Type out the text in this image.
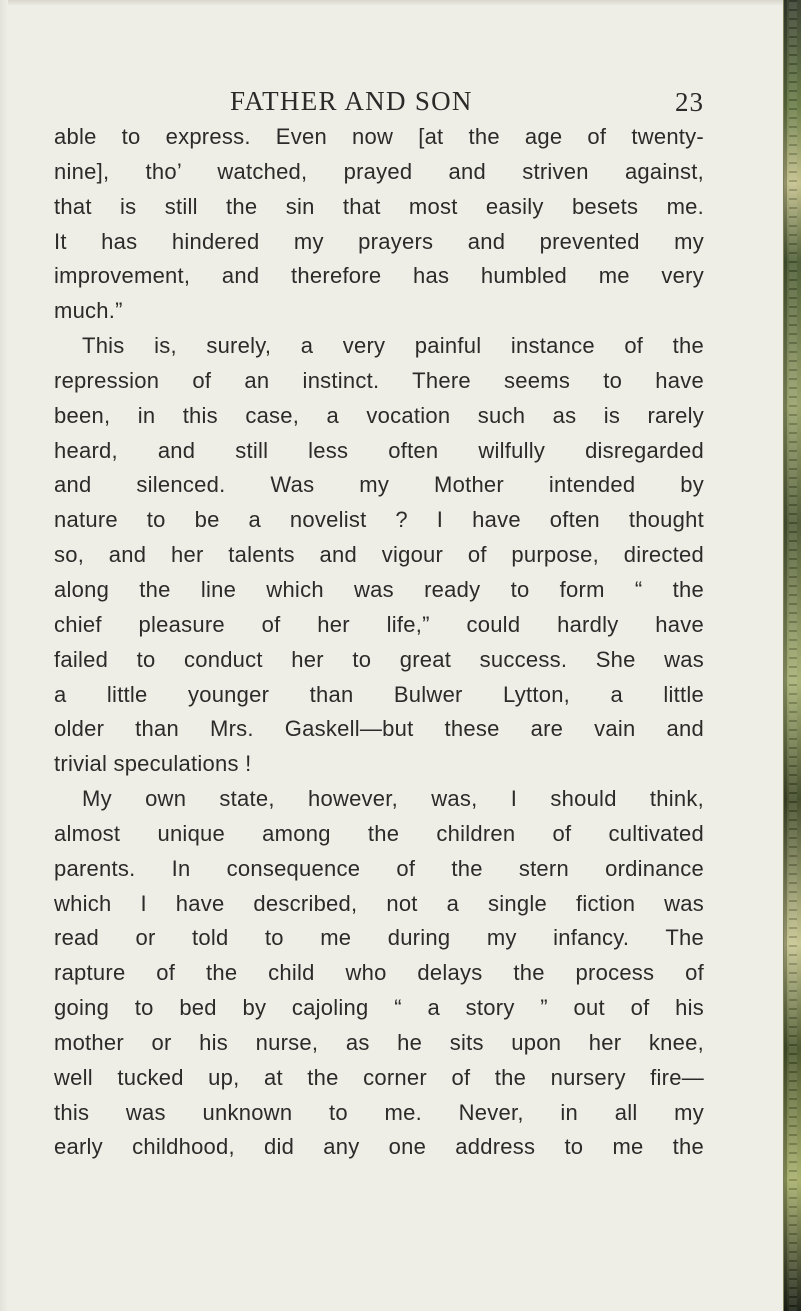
FATHER AND SON	23
able to express. Even now [at the age of twenty-
nine], tho’ watched, prayed and striven against,
that is still the sin that most easily besets me.
It has hindered my prayers and prevented my
improvement, and therefore has humbled me very
much.”
This is, surely, a very painful instance of the
repression of an instinct. There seems to have
been, in this case, a vocation such as is rarely
heard, and still less often wilfully disregarded
and silenced. Was my Mother intended by
nature to be a novelist ? I have often thought
so, and her talents and vigour of purpose, directed
along the line which was ready to form “ the
chief pleasure of her life,” could hardly have
failed to conduct her to great success. She was
a little younger than Bulwer Lytton, a little
older than Mrs. Gaskell—but these are vain and
trivial speculations !
My own state, however, was, I should think,
almost unique among the children of cultivated
parents. In consequence of the stern ordinance
which I have described, not a single fiction was
read or told to me during my infancy. The
rapture of the child who delays the process of
going to bed by cajoling “ a story ” out of his
mother or his nurse, as he sits upon her knee,
well tucked up, at the corner of the nursery fire—
this was unknown to me. Never, in all my
early childhood, did any one address to me the
